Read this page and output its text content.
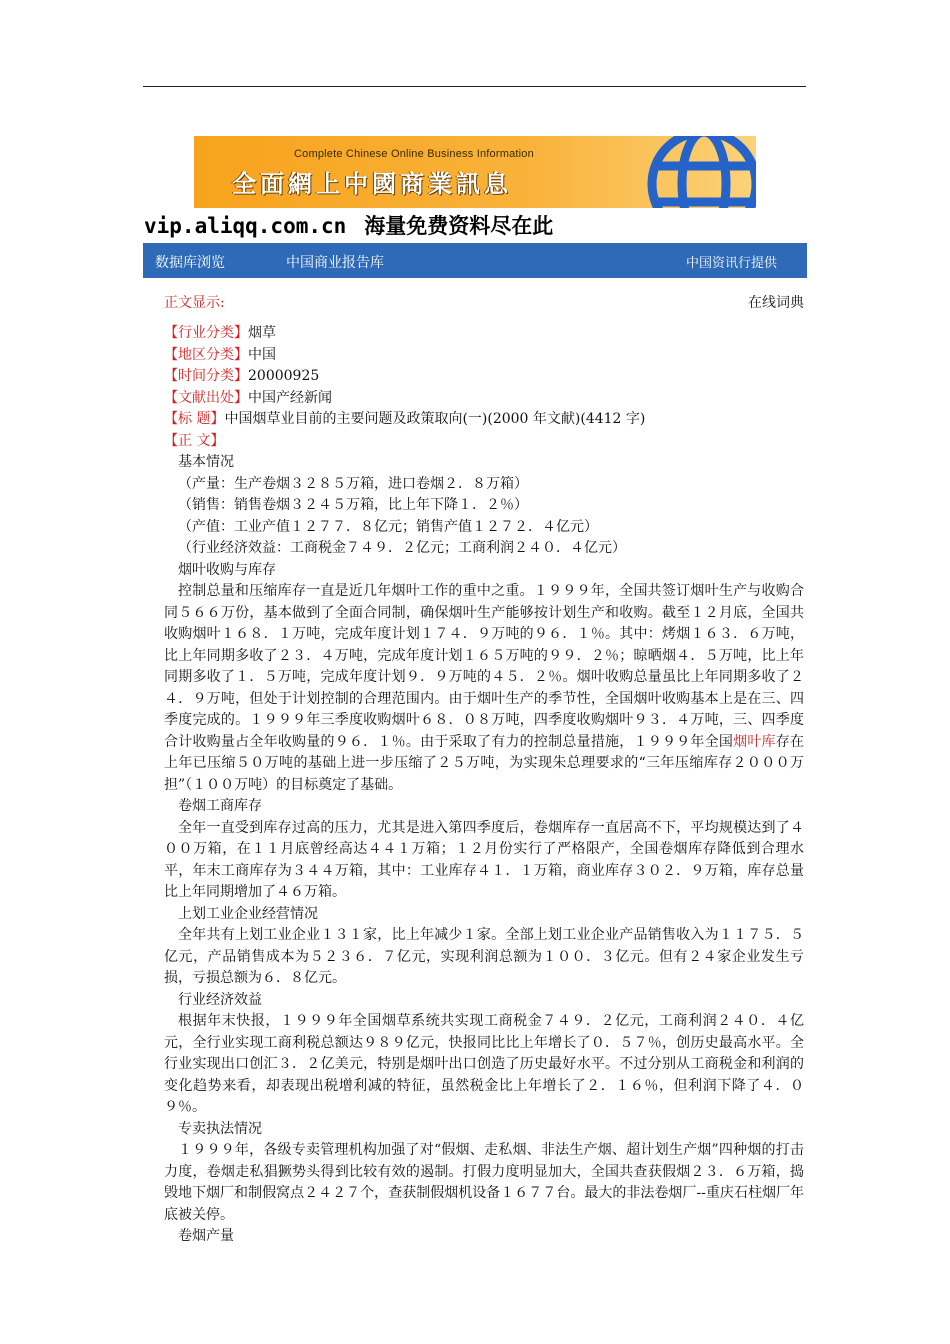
Complete Chinese Online Business Information
全面網上中國商業訊息
vip.aliqq.com.cn 海量免费资料尽在此
数据库浏览	中国商业报告库	中国资讯行提供
正文显示:	在线词典
【行业分类】烟草
【地区分类】中国
【时间分类】20000925
【文献出处】中国产经新闻
【标 题】中国烟草业目前的主要问题及政策取向(一)(2000 年文献)(4412 字)
【正 文】
基本情况
（产量：生产卷烟３２８５万箱，进口卷烟２．８万箱）
（销售：销售卷烟３２４５万箱，比上年下降１．２％）
（产值：工业产值１２７７．８亿元；销售产值１２７２．４亿元）
（行业经济效益：工商税金７４９．２亿元；工商利润２４０．４亿元）
烟叶收购与库存
控制总量和压缩库存一直是近几年烟叶工作的重中之重。１９９９年，全国共签订烟叶生产与收购合同５６６万份，基本做到了全面合同制，确保烟叶生产能够按计划生产和收购。截至１２月底，全国共收购烟叶１６８．１万吨，完成年度计划１７４．９万吨的９６．１％。其中：烤烟１６３．６万吨，比上年同期多收了２３．４万吨，完成年度计划１６５万吨的９９．２％；晾晒烟４．５万吨，比上年同期多收了１．５万吨，完成年度计划９．９万吨的４５．２％。烟叶收购总量虽比上年同期多收了２４．９万吨，但处于计划控制的合理范围内。由于烟叶生产的季节性，全国烟叶收购基本上是在三、四季度完成的。１９９９年三季度收购烟叶６８．０８万吨，四季度收购烟叶９３．４万吨，三、四季度合计收购量占全年收购量的９６．１％。由于采取了有力的控制总量措施，１９９９年全国烟叶库存在上年已压缩５０万吨的基础上进一步压缩了２５万吨，为实现朱总理要求的“三年压缩库存２０００万担”（１００万吨）的目标奠定了基础。
卷烟工商库存
全年一直受到库存过高的压力，尤其是进入第四季度后，卷烟库存一直居高不下，平均规模达到了４００万箱，在１１月底曾经高达４４１万箱；１２月份实行了严格限产，全国卷烟库存降低到合理水平，年末工商库存为３４４万箱，其中：工业库存４１．１万箱，商业库存３０２．９万箱，库存总量比上年同期增加了４６万箱。
上划工业企业经营情况
全年共有上划工业企业１３１家，比上年减少１家。全部上划工业企业产品销售收入为１１７５．５亿元，产品销售成本为５２３６．７亿元，实现利润总额为１００．３亿元。但有２４家企业发生亏损，亏损总额为６．８亿元。
行业经济效益
根据年末快报，１９９９年全国烟草系统共实现工商税金７４９．２亿元，工商利润２４０．４亿元，全行业实现工商利税总额达９８９亿元，快报同比比上年增长了０．５７％，创历史最高水平。全行业实现出口创汇３．２亿美元，特别是烟叶出口创造了历史最好水平。不过分别从工商税金和利润的变化趋势来看，却表现出税增利减的特征，虽然税金比上年增长了２．１６％，但利润下降了４．０９％。
专卖执法情况
１９９９年，各级专卖管理机构加强了对“假烟、走私烟、非法生产烟、超计划生产烟”四种烟的打击力度，卷烟走私猖獗势头得到比较有效的遏制。打假力度明显加大，全国共查获假烟２３．６万箱，捣毁地下烟厂和制假窝点２４２７个，查获制假烟机设备１６７７台。最大的非法卷烟厂--重庆石柱烟厂年底被关停。
卷烟产量
